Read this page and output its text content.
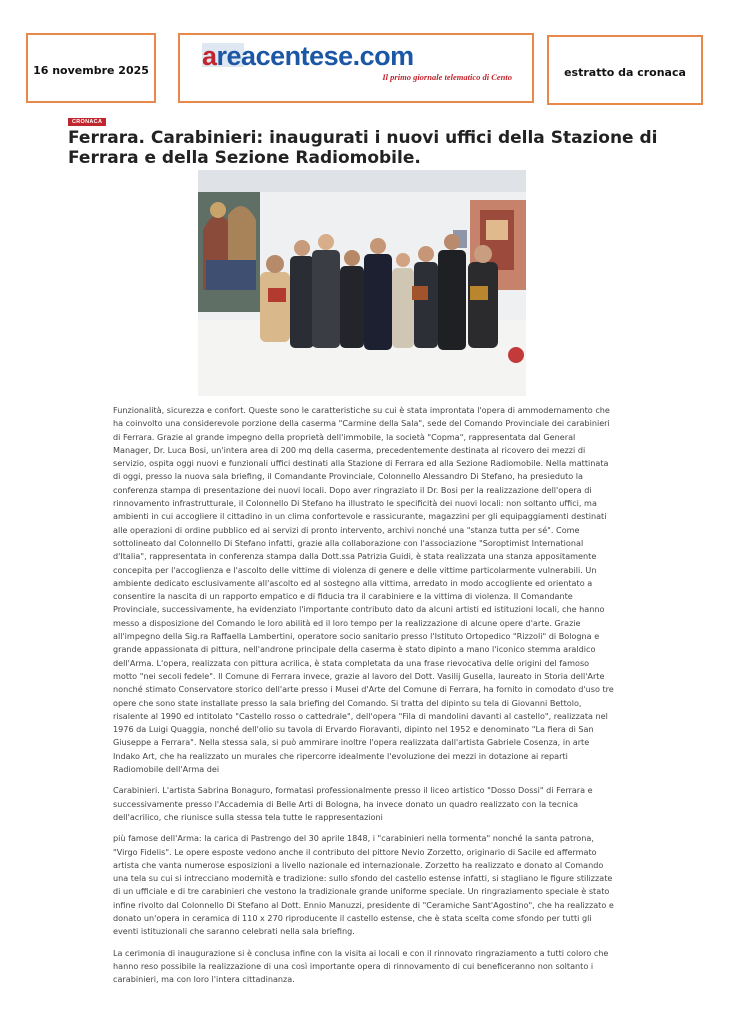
16 novembre 2025 areacentese.com
Il primo giornale telematico di Cento	estratto da cronaca
CRONACA
Ferrara. Carabinieri: inaugurati i nuovi uffici della Stazione di Ferrara e della Sezione Radiomobile.

Funzionalità, sicurezza e confort. Queste sono le caratteristiche su cui è stata improntata l'opera di ammodernamento che ha coinvolto una considerevole porzione della caserma "Carmine della Sala", sede del Comando Provinciale dei carabinieri di Ferrara. Grazie al grande impegno della proprietà dell'immobile, la società "Copma", rappresentata dal General Manager, Dr. Luca Bosi, un'intera area di 200 mq della caserma, precedentemente destinata al ricovero dei mezzi di servizio, ospita oggi nuovi e funzionali uffici destinati alla Stazione di Ferrara ed alla Sezione Radiomobile. Nella mattinata di oggi, presso la nuova sala briefing, il Comandante Provinciale, Colonnello Alessandro Di Stefano, ha presieduto la conferenza stampa di presentazione dei nuovi locali. Dopo aver ringraziato il Dr. Bosi per la realizzazione dell'opera di rinnovamento infrastrutturale, il Colonnello Di Stefano ha illustrato le specificità dei nuovi locali: non soltanto uffici, ma ambienti in cui accogliere il cittadino in un clima confortevole e rassicurante, magazzini per gli equipaggiamenti destinati alle operazioni di ordine pubblico ed ai servizi di pronto intervento, archivi nonché una "stanza tutta per sé". Come sottolineato dal Colonnello Di Stefano infatti, grazie alla collaborazione con l'associazione "Soroptimist International d'Italia", rappresentata in conferenza stampa dalla Dott.ssa Patrizia Guidi, è stata realizzata una stanza appositamente concepita per l'accoglienza e l'ascolto delle vittime di violenza di genere e delle vittime particolarmente vulnerabili. Un ambiente dedicato esclusivamente all'ascolto ed al sostegno alla vittima, arredato in modo accogliente ed orientato a consentire la nascita di un rapporto empatico e di fiducia tra il carabiniere e la vittima di violenza. Il Comandante Provinciale, successivamente, ha evidenziato l'importante contributo dato da alcuni artisti ed istituzioni locali, che hanno messo a disposizione del Comando le loro abilità ed il loro tempo per la realizzazione di alcune opere d'arte. Grazie all'impegno della Sig.ra Raffaella Lambertini, operatore socio sanitario presso l'Istituto Ortopedico "Rizzoli" di Bologna e grande appassionata di pittura, nell'androne principale della caserma è stato dipinto a mano l'iconico stemma araldico dell'Arma. L'opera, realizzata con pittura acrilica, è stata completata da una frase rievocativa delle origini del famoso motto "nei secoli fedele". Il Comune di Ferrara invece, grazie al lavoro del Dott. Vasilij Gusella, laureato in Storia dell'Arte nonché stimato Conservatore storico dell'arte presso i Musei d'Arte del Comune di Ferrara, ha fornito in comodato d'uso tre opere che sono state installate presso la sala briefing del Comando. Si tratta del dipinto su tela di Giovanni Bettolo, risalente al 1990 ed intitolato "Castello rosso o cattedrale", dell'opera "Fila di mandolini davanti al castello", realizzata nel 1976 da Luigi Quaggia, nonché dell'olio su tavola di Ervardo Fioravanti, dipinto nel 1952 e denominato "La fiera di San Giuseppe a Ferrara". Nella stessa sala, si può ammirare inoltre l'opera realizzata dall'artista Gabriele Cosenza, in arte Indako Art, che ha realizzato un murales che ripercorre idealmente l'evoluzione dei mezzi in dotazione ai reparti Radiomobile dell'Arma dei

Carabinieri. L'artista Sabrina Bonaguro, formatasi professionalmente presso il liceo artistico "Dosso Dossi" di Ferrara e successivamente presso l'Accademia di Belle Arti di Bologna, ha invece donato un quadro realizzato con la tecnica dell'acrilico, che riunisce sulla stessa tela tutte le rappresentazioni

più famose dell'Arma: la carica di Pastrengo del 30 aprile 1848, i "carabinieri nella tormenta" nonché la santa patrona, "Virgo Fidelis". Le opere esposte vedono anche il contributo del pittore Nevio Zorzetto, originario di Sacile ed affermato artista che vanta numerose esposizioni a livello nazionale ed internazionale. Zorzetto ha realizzato e donato al Comando una tela su cui si intrecciano modernità e tradizione: sullo sfondo del castello estense infatti, si stagliano le figure stilizzate di un ufficiale e di tre carabinieri che vestono la tradizionale grande uniforme speciale. Un ringraziamento speciale è stato infine rivolto dal Colonnello Di Stefano al Dott. Ennio Manuzzi, presidente di "Ceramiche Sant'Agostino", che ha realizzato e donato un'opera in ceramica di 110 x 270 riproducente il castello estense, che è stata scelta come sfondo per tutti gli eventi istituzionali che saranno celebrati nella sala briefing.

La cerimonia di inaugurazione si è conclusa infine con la visita ai locali e con il rinnovato ringraziamento a tutti coloro che hanno reso possibile la realizzazione di una così importante opera di rinnovamento di cui beneficeranno non soltanto i carabinieri, ma con loro l'intera cittadinanza.
